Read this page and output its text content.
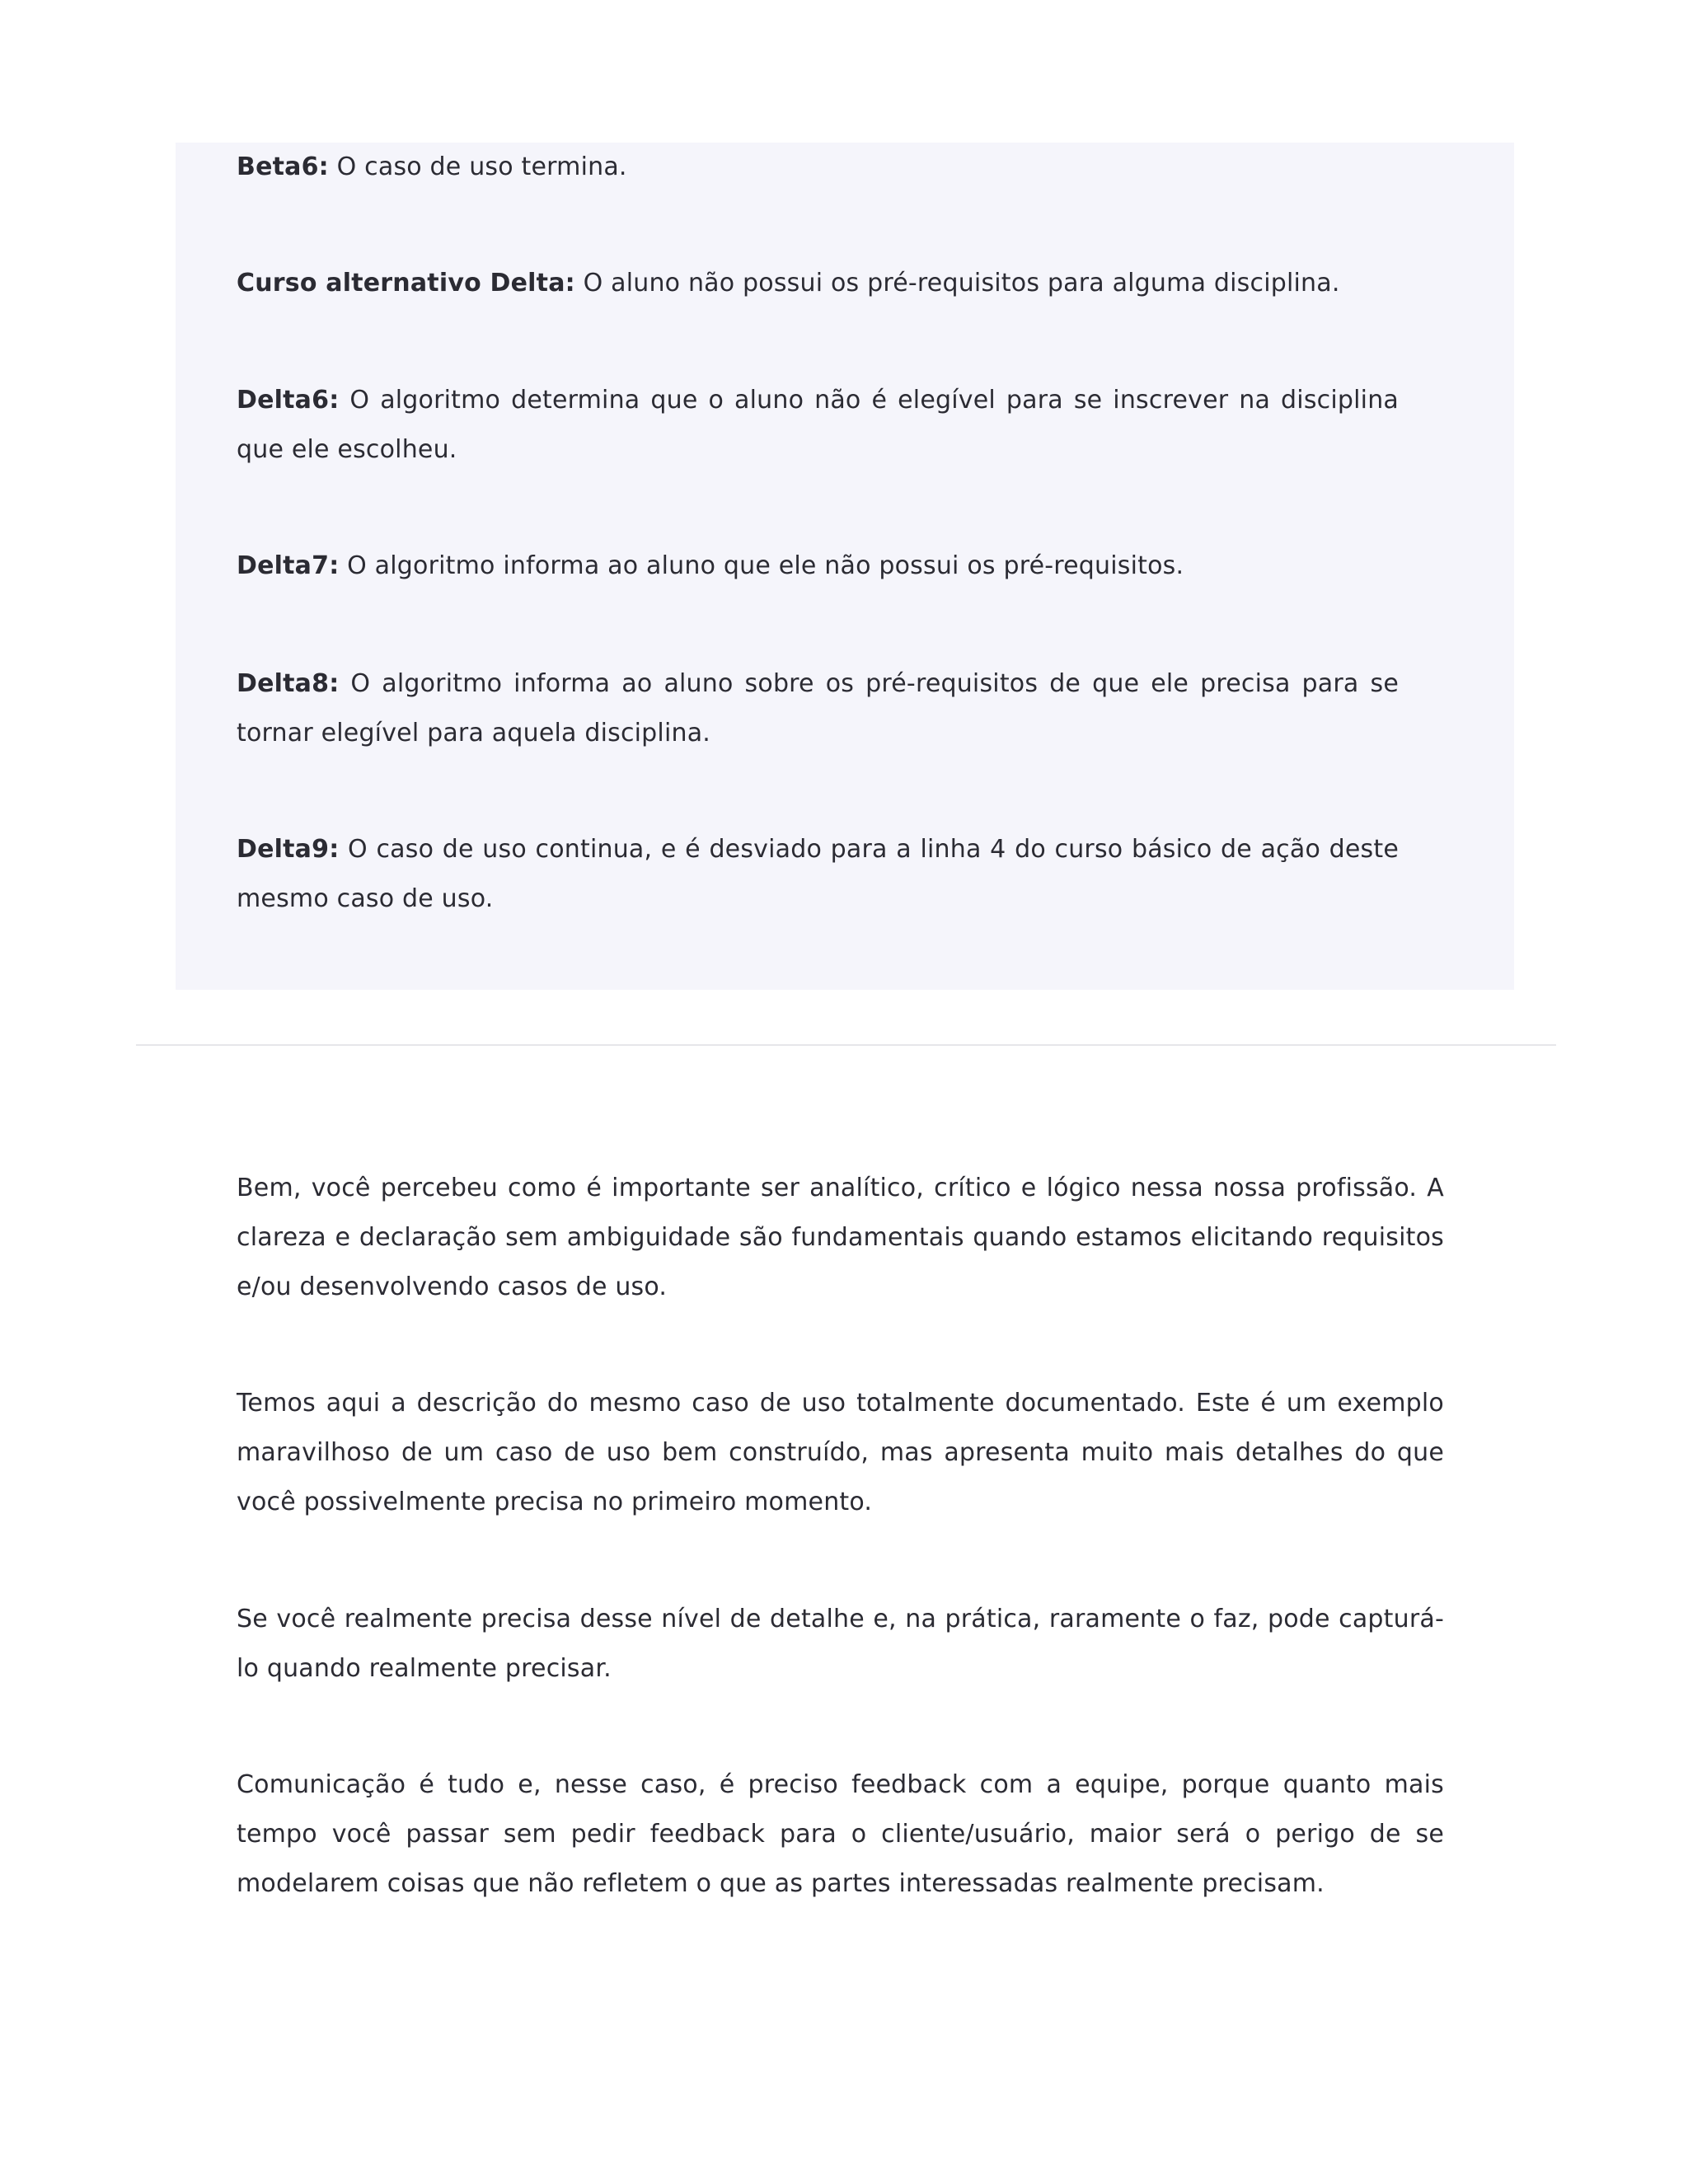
Beta6: O caso de uso termina.

Curso alternativo Delta: O aluno não possui os pré-requisitos para alguma disciplina.

Delta6: O algoritmo determina que o aluno não é elegível para se inscrever na disciplina que ele escolheu.

Delta7: O algoritmo informa ao aluno que ele não possui os pré-requisitos.

Delta8: O algoritmo informa ao aluno sobre os pré-requisitos de que ele precisa para se tornar elegível para aquela disciplina.

Delta9: O caso de uso continua, e é desviado para a linha 4 do curso básico de ação deste mesmo caso de uso.

Bem, você percebeu como é importante ser analítico, crítico e lógico nessa nossa profissão. A clareza e declaração sem ambiguidade são fundamentais quando estamos elicitando requisitos e/ou desenvolvendo casos de uso.

Temos aqui a descrição do mesmo caso de uso totalmente documentado. Este é um exemplo maravilhoso de um caso de uso bem construído, mas apresenta muito mais detalhes do que você possivelmente precisa no primeiro momento.

Se você realmente precisa desse nível de detalhe e, na prática, raramente o faz, pode capturá-lo quando realmente precisar.

Comunicação é tudo e, nesse caso, é preciso feedback com a equipe, porque quanto mais tempo você passar sem pedir feedback para o cliente/usuário, maior será o perigo de se modelarem coisas que não refletem o que as partes interessadas realmente precisam.
